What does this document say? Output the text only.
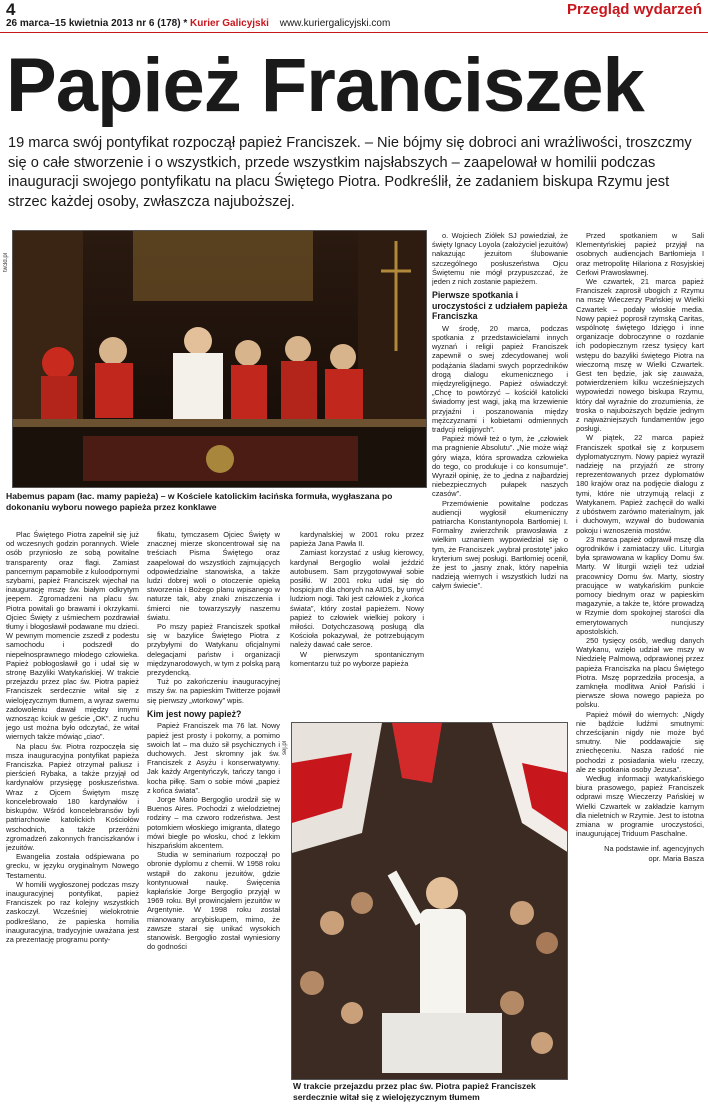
4
26 marca–15 kwietnia 2013 nr 6 (178) * Kurier Galicyjski www.kuriergalicyjski.com
Przegląd wydarzeń
Papież Franciszek

19 marca swój pontyfikat rozpoczął papież Franciszek. – Nie bójmy się dobroci ani wrażliwości, troszczmy się o całe stworzenie i o wszystkich, przede wszystkim najsłabszych – zaapelował w homilii podczas inauguracji swojego pontyfikatu na placu Świętego Piotra. Podkreślił, że zadaniem biskupa Rzymu jest strzec każdej osoby, zwłaszcza najuboższej.

tw3d.pl
Habemus papam (łac. mamy papieża) – w Kościele katolickim łacińska formuła, wygłaszana po dokonaniu wyboru nowego papieża przez konklawe

Plac Świętego Piotra zapełnił się już od wczesnych godzin porannych. Wiele osób przyniosło ze sobą powitalne transparenty oraz flagi. Zamiast pancernym papamobile z kuloodpornymi szybami, papież Franciszek wjechał na inaugurację mszę św. białym odkrytym jeepem. Zgromadzeni na placu św. Piotra powitali go brawami i okrzykami. Ojciec Święty z uśmiechem pozdrawiał tłumy i błogosławił podawane mu dzieci. W pewnym momencie zszedł z podestu samochodu i podszedł do niepełnosprawnego młodego człowieka. Papież pobłogosławił go i udał się w stronę Bazyliki Watykańskiej. W trakcie przejazdu przez plac św. Piotra papież Franciszek serdecznie witał się z wielojęzycznym tłumem, a wyraz swemu zadowoleniu dawał między innymi wznosząc kciuk w geście „OK”. Z ruchu jego ust można było odczytać, że witał wiernych także mówiąc „ciao”.

Na placu św. Piotra rozpoczęła się msza inauguracyjna pontyfikat papieża Franciszka. Papież otrzymał paliusz i pierścień Rybaka, a także przyjął od kardynałów przysięgę posłuszeństwa. Wraz z Ojcem Świętym mszę koncelebrowało 180 kardynałów i biskupów. Wśród koncelebransów byli patriarchowie katolickich Kościołów wschodnich, a także przeróżni zgromadzeń zakonnych franciszkanów i jezuitów.

Ewangelia została odśpiewana po grecku, w języku oryginalnym Nowego Testamentu.

W homilii wygłoszonej podczas mszy inauguracyjnej pontyfikat, papież Franciszek po raz kolejny wszystkich zaskoczył. Wcześniej wielokrotnie podkreślano, że papieska homilia inauguracyjna, tradycyjnie uważana jest za prezentację programu ponty-

fikatu, tymczasem Ojciec Święty w znacznej mierze skoncentrował się na treściach Pisma Świętego oraz zaapelował do wszystkich zajmujących odpowiedzialne stanowiska, a także ludzi dobrej woli o otoczenie opieką stworzenia i Bożego planu wpisanego w naturze tak, aby znaki zniszczenia i śmierci nie towarzyszyły naszemu światu.

Po mszy papież Franciszek spotkał się w bazylice Świętego Piotra z przybyłymi do Watykanu oficjalnymi delegacjami państw i organizacji międzynarodowych, w tym z polską parą prezydencką.

Tuż po zakończeniu inauguracyjnej mszy św. na papieskim Twitterze pojawił się pierwszy „wtorkowy” wpis.

Kim jest nowy papież?

Papież Franciszek ma 76 lat. Nowy papież jest prosty i pokorny, a pomimo swoich lat – ma dużo sił psychicznych i duchowych. Jest skromny jak św. Franciszek z Asyżu i konserwatywny. Jak każdy Argentyńczyk, tańczy tango i kocha piłkę. Sam o sobie mówi „papież z końca świata”.

Jorge Mario Bergoglio urodził się w Buenos Aires. Pochodzi z wielodzietnej rodziny – ma czworo rodzeństwa. Jest potomkiem włoskiego imigranta, dlatego mówi biegle po włosku, choć z lekkim hiszpańskim akcentem.

Studia w seminarium rozpoczął po obronie dyplomu z chemii. W 1958 roku wstąpił do zakonu jezuitów, gdzie kontynuował naukę. Święcenia kapłańskie Jorge Bergoglio przyjął w 1969 roku. Był prowincjałem jezuitów w Argentynie. W 1998 roku został mianowany arcybiskupem, mimo, że zawsze starał się unikać wysokich stanowisk. Bergoglio został wyniesiony do godności

kardynalskiej w 2001 roku przez papieża Jana Pawła II.

Zamiast korzystać z usług kierowcy, kardynał Bergoglio wolał jeździć autobusem. Sam przygotowywał sobie posiłki. W 2001 roku udał się do hospicjum dla chorych na AIDS, by umyć ludziom nogi. Taki jest człowiek z „końca świata”, który został papieżem. Nowy papież to człowiek wielkiej pokory i miłości. Dotychczasową posługą dla Kościoła pokazywał, że potrzebującym należy dawać całe serce.

W pierwszym spontanicznym komentarzu tuż po wyborze papieża

sej.pl
W trakcie przejazdu przez plac św. Piotra papież Franciszek serdecznie witał się z wielojęzycznym tłumem

o. Wojciech Ziółek SJ powiedział, że święty Ignacy Loyola (założyciel jezuitów) nakazując jezuitom ślubowanie szczególnego posłuszeństwa Ojcu Świętemu nie mógł przypuszczać, że jeden z nich zostanie papieżem.

Pierwsze spotkania i uroczystości z udziałem papieża Franciszka

W środę, 20 marca, podczas spotkania z przedstawicielami innych wyznań i religii papież Franciszek zapewnił o swej zdecydowanej woli podążania śladami swych poprzedników drogą dialogu ekumenicznego i międzyreligijnego. Papież oświadczył: „Chcę to powtórzyć – kościół katolicki świadomy jest wagi, jaką ma krzewienie przyjaźni i poszanowania między mężczyznami i kobietami odmiennych tradycji religijnych”.

Papież mówił też o tym, że „człowiek ma pragnienie Absolutu”. „Nie może wiąż góry wiąza, która sprowadza człowieka do tego, co produkuje i co konsumuje”. Wyraził opinię, że to „jedna z najbardziej niebezpiecznych pułapek naszych czasów”.

Przemówienie powitalne podczas audiencji wygłosił ekumeniczny patriarcha Konstantynopola Bartłomiej I. Formalny zwierzchnik prawosławia z wielkim uznaniem wypowiedział się o tym, że Franciszek „wybrał prostotę” jako kryterium swej posługi. Bartłomiej ocenił, że jest to „jasny znak, który napełnia nadzieją wiernych i wszystkich ludzi na całym świecie”.

Przed spotkaniem w Sali Klementyńskiej papież przyjął na osobnych audiencjach Bartłomieja I oraz metropolitę Hilariona z Rosyjskiej Cerkwi Prawosławnej.

We czwartek, 21 marca papież Franciszek zaprosił ubogich z Rzymu na mszę Wieczerzy Pańskiej w Wielki Czwartek – podały włoskie media. Nowy papież poprosił rzymską Caritas, wspólnotę świętego Idzięgo i inne organizacje dobroczynne o rozdanie ich podopiecznym rzesz tysięcy kart wstępu do bazyliki świętego Piotra na wieczorną mszę w Wielki Czwartek. Gest ten będzie, jak się zauważa, potwierdzeniem kilku wcześniejszych wypowiedzi nowego biskupa Rzymu, który dał wyraźnie do zrozumienia, że troska o najuboższych będzie jednym z najważniejszych fundamentów jego posługi.

W piątek, 22 marca papież Franciszek spotkał się z korpusem dyplomatycznym. Nowy papież wyraził nadzieję na przyjaźń ze strony reprezentowanych przez dyplomatów 180 krajów oraz na podjęcie dialogu z tymi, które nie utrzymują relacji z Watykanem. Papież zachęcił do walki z ubóstwem zarówno materialnym, jak i duchowym, wzywał do budowania pokoju i wznoszenia mostów.

23 marca papież odprawił mszę dla ogrodników i zamiataczy ulic. Liturgia była sprawowana w kaplicy Domu św. Marty. W liturgii wzięli też udział pracownicy Domu św. Marty, siostry pracujące w watykańskim punkcie pomocy biednym oraz w papieskim magazynie, a także te, które prowadzą w Rzymie dom spokojnej starości dla emerytowanych nuncjuszy apostolskich.

250 tysięcy osób, według danych Watykanu, wzięło udział we mszy w Niedzielę Palmową, odprawionej przez papieża Franciszka na placu Świętego Piotra. Mszę poprzedziła procesja, a zamknęła modlitwa Anioł Pański i pierwsze słowa nowego papieża po polsku.

Papież mówił do wiernych: „Nigdy nie bądźcie ludźmi smutnymi: chrześcijanin nigdy nie może być smutny. Nie poddawajcie się zniechęceniu. Nasza radość nie pochodzi z posiadania wielu rzeczy, ale ze spotkania osoby Jezusa”.

Według informacji watykańskiego biura prasowego, papież Franciszek odprawi mszę Wieczerzy Pańskiej w Wielki Czwartek w zakładzie karnym dla nieletnich w Rzymie. Jest to istotna zmiana w programie uroczystości, inaugurującej Triduum Paschalne.

Na podstawie inf. agencyjnych

opr. Maria Basza
